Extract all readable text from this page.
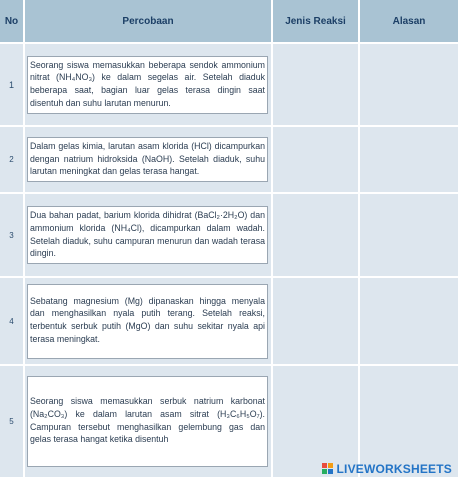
No	Percobaan	Jenis Reaksi	Alasan
1	Seorang siswa memasukkan beberapa sendok ammonium nitrat (NH₄NO₃) ke dalam segelas air. Setelah diaduk beberapa saat, bagian luar gelas terasa dingin saat disentuh dan suhu larutan menurun.		

2	Dalam gelas kimia, larutan asam klorida (HCl) dicampurkan dengan natrium hidroksida (NaOH). Setelah diaduk, suhu larutan meningkat dan gelas terasa hangat.		

3	Dua bahan padat, barium klorida dihidrat (BaCl₂·2H₂O) dan ammonium klorida (NH₄Cl), dicampurkan dalam wadah. Setelah diaduk, suhu campuran menurun dan wadah terasa dingin.		

4	Sebatang magnesium (Mg) dipanaskan hingga menyala dan menghasilkan nyala putih terang. Setelah reaksi, terbentuk serbuk putih (MgO) dan suhu sekitar nyala api terasa meningkat.		

5	Seorang siswa memasukkan serbuk natrium karbonat (Na₂CO₃) ke dalam larutan asam sitrat (H₃C₆H₅O₇). Campuran tersebut menghasilkan gelembung gas dan gelas terasa hangat ketika disentuh		

LIVEWORKSHEETS
